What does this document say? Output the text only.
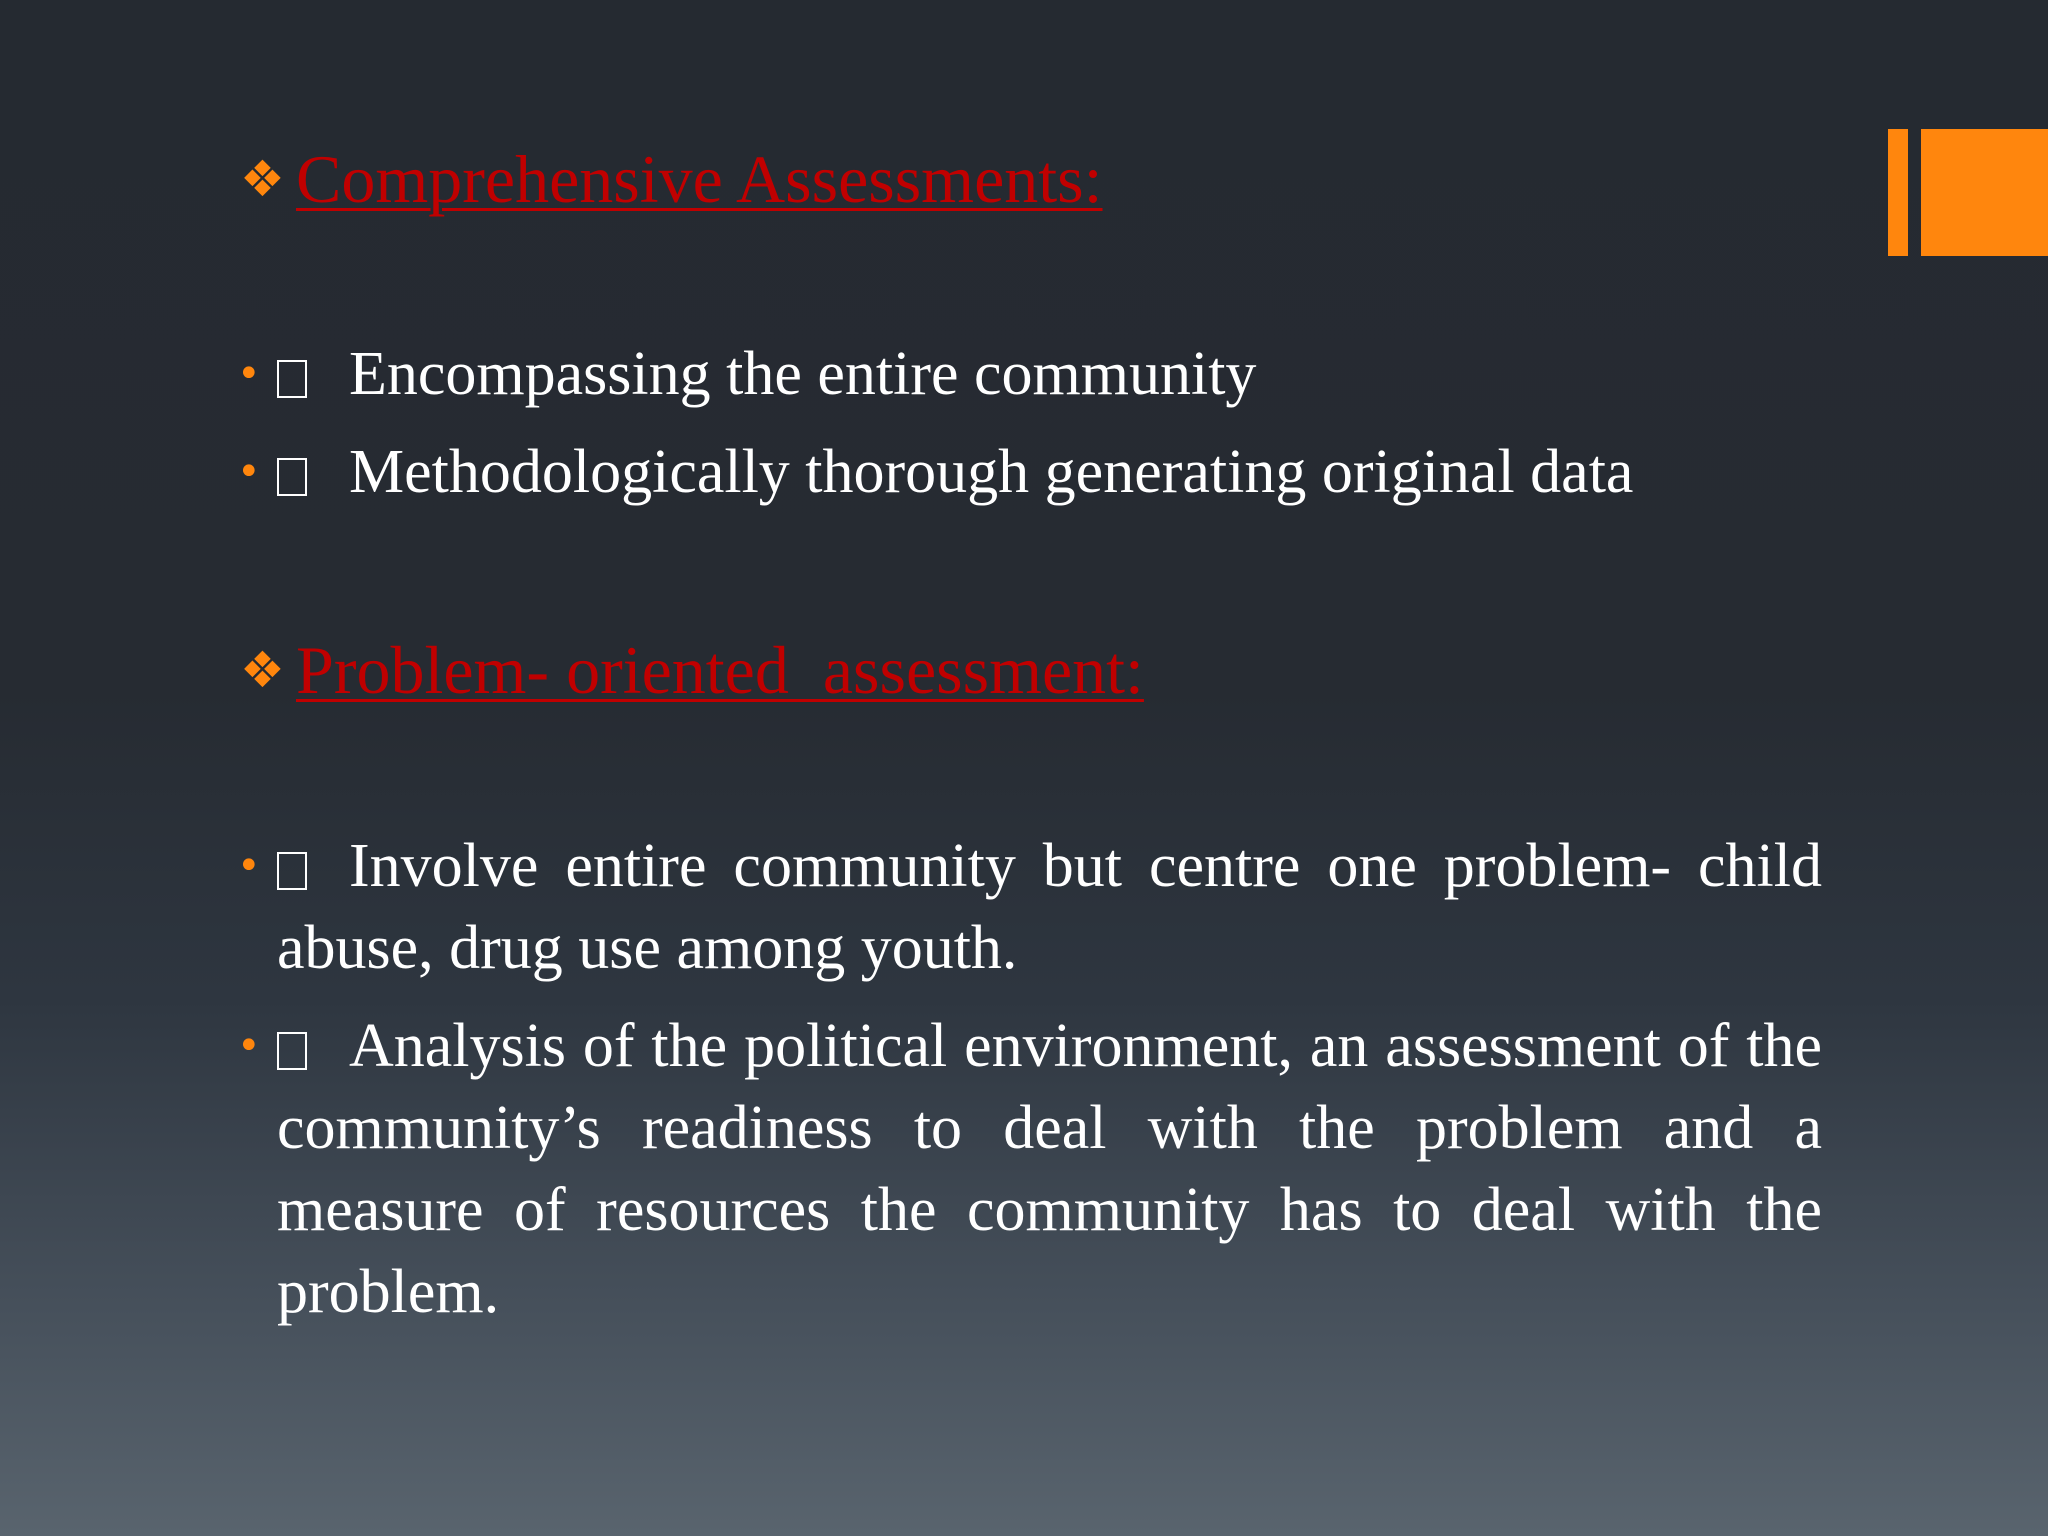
❖ Comprehensive Assessments:
• Encompassing the entire community
• Methodologically thorough generating original data
❖ Problem- oriented  assessment:
• Involve entire community but centre one problem- child abuse, drug use among youth.
• Analysis of the political environment, an assessment of the community’s readiness to deal with the problem and a measure of resources the community has to deal with the problem.
